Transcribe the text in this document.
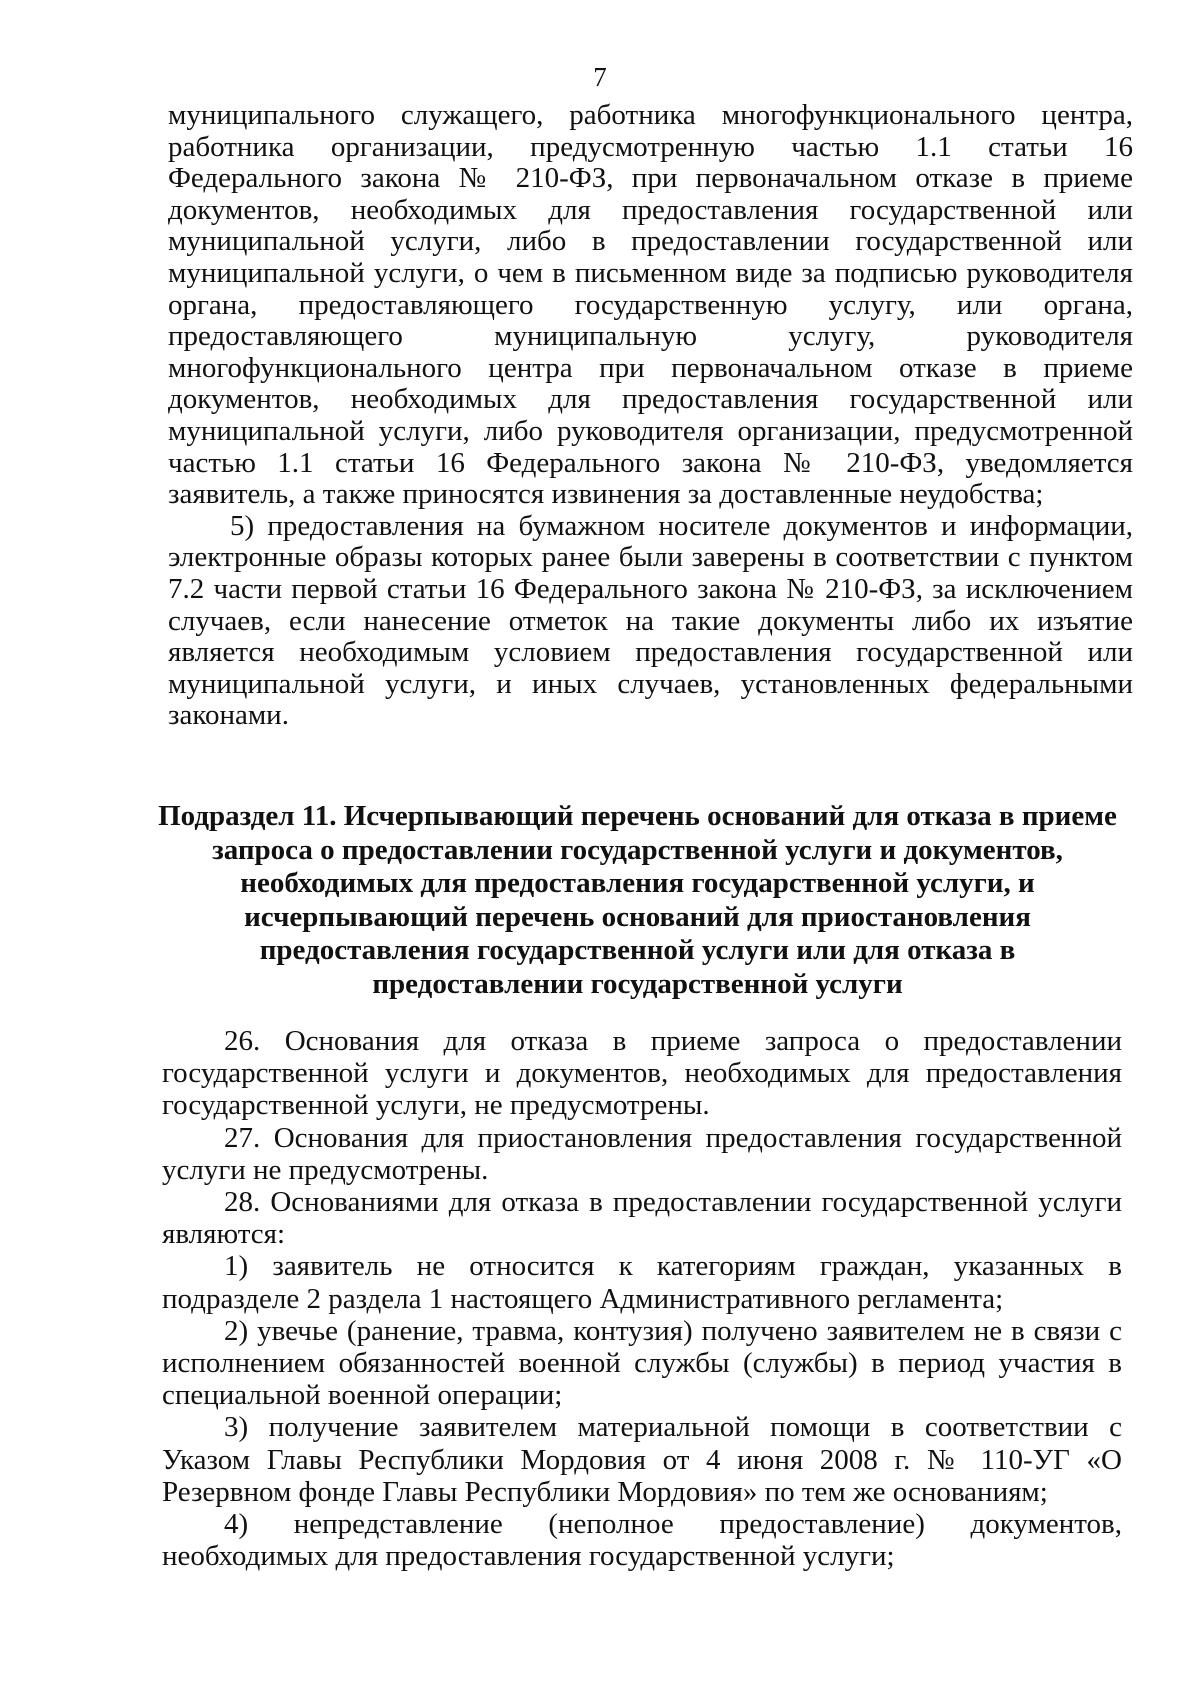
7

муниципального служащего, работника многофункционального центра, работника организации, предусмотренную частью 1.1 статьи 16 Федерального закона № 210-ФЗ, при первоначальном отказе в приеме документов, необходимых для предоставления государственной или муниципальной услуги, либо в предоставлении государственной или муниципальной услуги, о чем в письменном виде за подписью руководителя органа, предоставляющего государственную услугу, или органа, предоставляющего муниципальную услугу, руководителя многофункционального центра при первоначальном отказе в приеме документов, необходимых для предоставления государственной или муниципальной услуги, либо руководителя организации, предусмотренной частью 1.1 статьи 16 Федерального закона № 210-ФЗ, уведомляется заявитель, а также приносятся извинения за доставленные неудобства;

5) предоставления на бумажном носителе документов и информации, электронные образы которых ранее были заверены в соответствии с пунктом 7.2 части первой статьи 16 Федерального закона № 210-ФЗ, за исключением случаев, если нанесение отметок на такие документы либо их изъятие является необходимым условием предоставления государственной или муниципальной услуги, и иных случаев, установленных федеральными законами.

Подраздел 11. Исчерпывающий перечень оснований для отказа в приеме
запроса о предоставлении государственной услуги и документов,
необходимых для предоставления государственной услуги, и
исчерпывающий перечень оснований для приостановления
предоставления государственной услуги или для отказа в
предоставлении государственной услуги

26. Основания для отказа в приеме запроса о предоставлении государственной услуги и документов, необходимых для предоставления государственной услуги, не предусмотрены.

27. Основания для приостановления предоставления государственной услуги не предусмотрены.

28. Основаниями для отказа в предоставлении государственной услуги являются:

1) заявитель не относится к категориям граждан, указанных в подразделе 2 раздела 1 настоящего Административного регламента;

2) увечье (ранение, травма, контузия) получено заявителем не в связи с исполнением обязанностей военной службы (службы) в период участия в специальной военной операции;

3) получение заявителем материальной помощи в соответствии с Указом Главы Республики Мордовия от 4 июня 2008 г. № 110-УГ «О Резервном фонде Главы Республики Мордовия» по тем же основаниям;

4) непредставление (неполное предоставление) документов, необходимых для предоставления государственной услуги;
